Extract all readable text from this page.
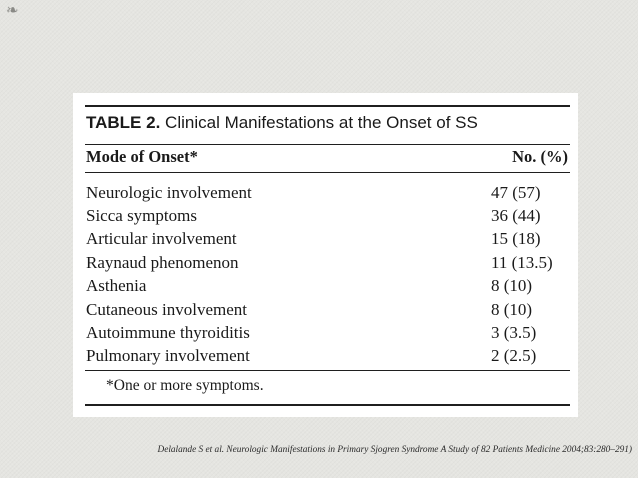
❧
TABLE 2. Clinical Manifestations at the Onset of SS
Mode of Onset*	No. (%)
Neurologic involvement	47 (57)
Sicca symptoms	36 (44)
Articular involvement	15 (18)
Raynaud phenomenon	11 (13.5)
Asthenia	8 (10)
Cutaneous involvement	8 (10)
Autoimmune thyroiditis	3 (3.5)
Pulmonary involvement	2 (2.5)
*One or more symptoms.
Delalande S et al. Neurologic Manifestations in Primary Sjogren Syndrome A Study of 82 Patients Medicine 2004;83:280–291)
